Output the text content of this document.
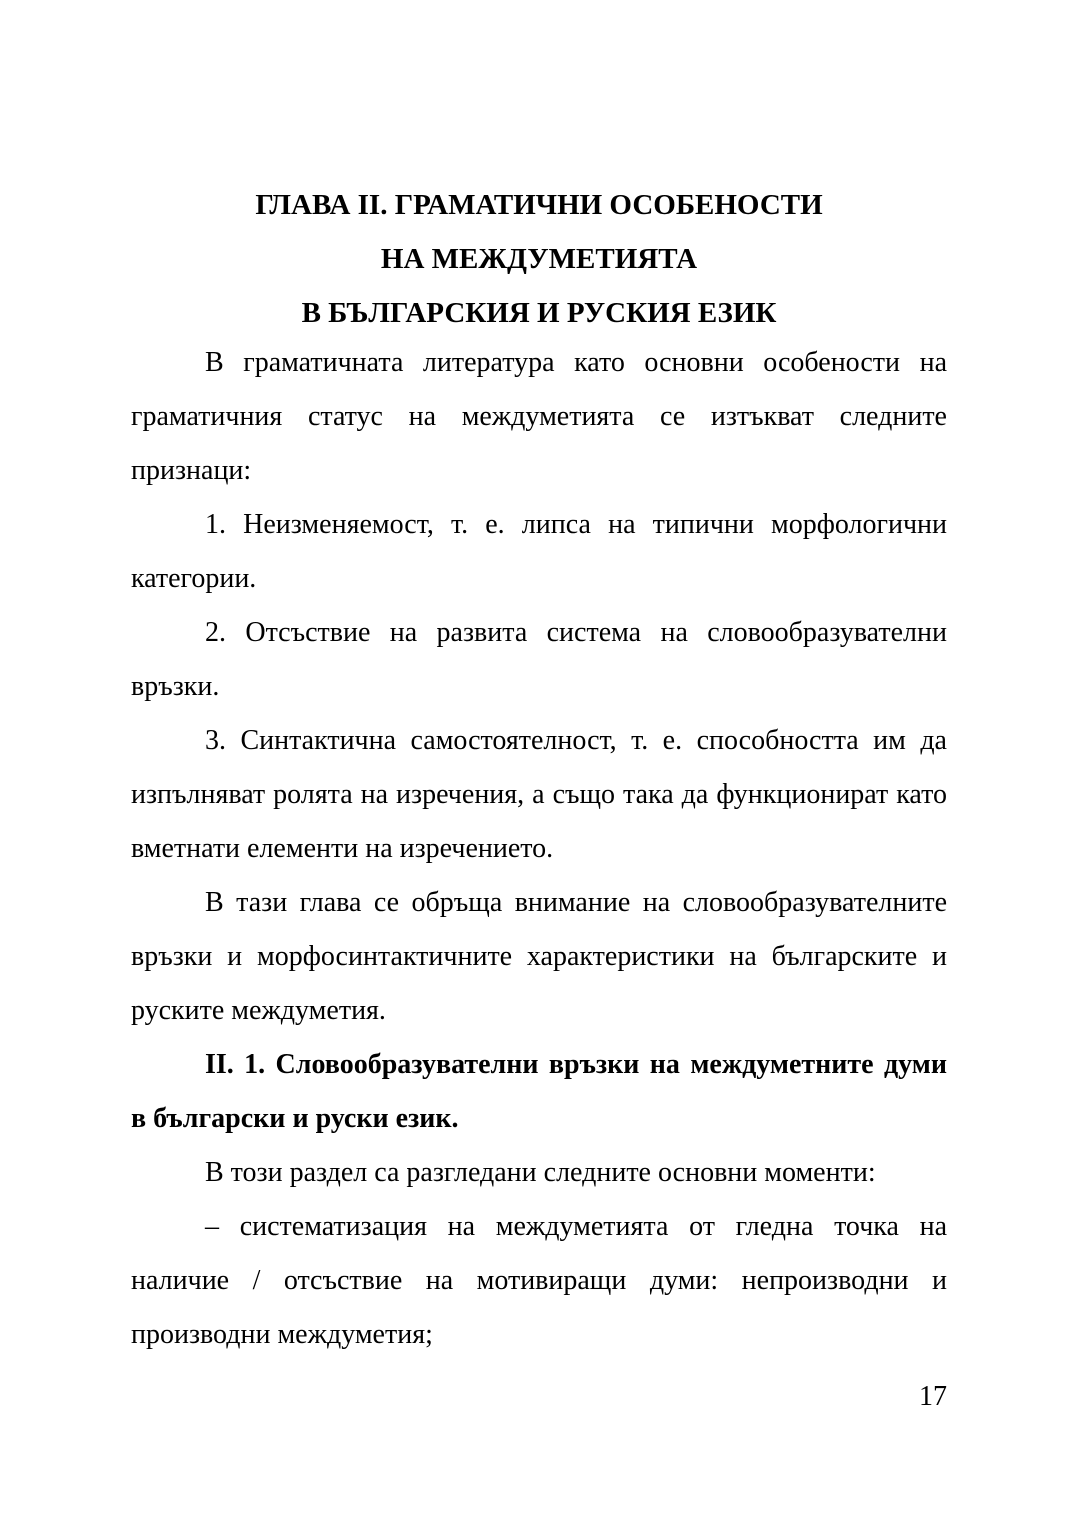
ГЛАВА II. ГРАМАТИЧНИ ОСОБЕНОСТИ
НА МЕЖДУМЕТИЯТА
В БЪЛГАРСКИЯ И РУСКИЯ ЕЗИК

В граматичната литература като основни особености на граматичния статус на междуметията се изтъкват следните признаци:

1. Неизменяемост, т. е. липса на типични морфологични категории.

2. Отсъствие на развита система на словообразувателни връзки.

3. Синтактична самостоятелност, т. е. способността им да изпълняват ролята на изречения, а също така да функционират като вметнати елементи на изречението.

В тази глава се обръща внимание на словообразувателните връзки и морфосинтактичните характеристики на българските и руските междуметия.

II. 1. Словообразувателни връзки на междуметните думи в български и руски език.

В този раздел са разгледани следните основни моменти:

– систематизация на междуметията от гледна точка на наличие / отсъствие на мотивиращи думи: непроизводни и производни междуметия;

17
